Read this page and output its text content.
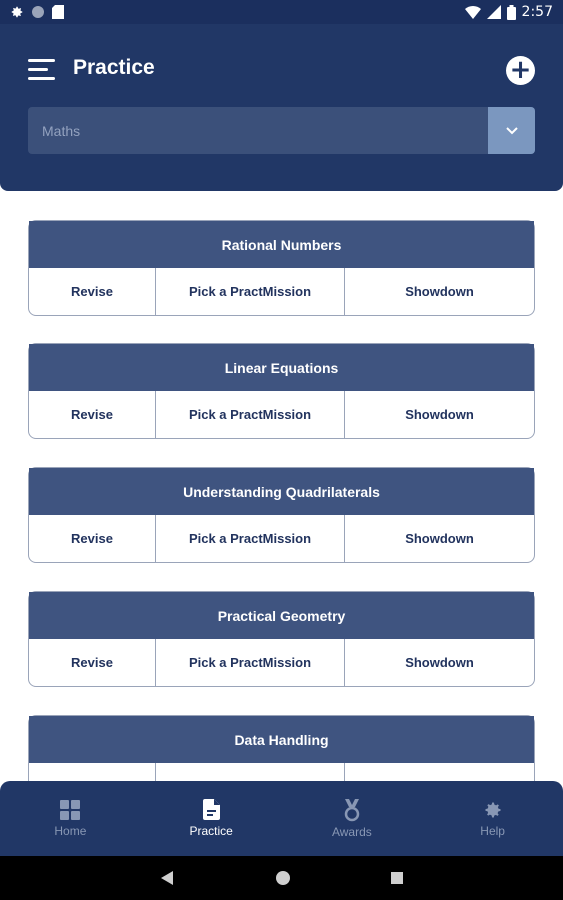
2:57
Practice	+
Maths
Rational Numbers
Revise	Pick a PractMission	Showdown
Linear Equations
Revise	Pick a PractMission	Showdown
Understanding Quadrilaterals
Revise	Pick a PractMission	Showdown
Practical Geometry
Revise	Pick a PractMission	Showdown
Data Handling
Home	Practice	Awards	Help
